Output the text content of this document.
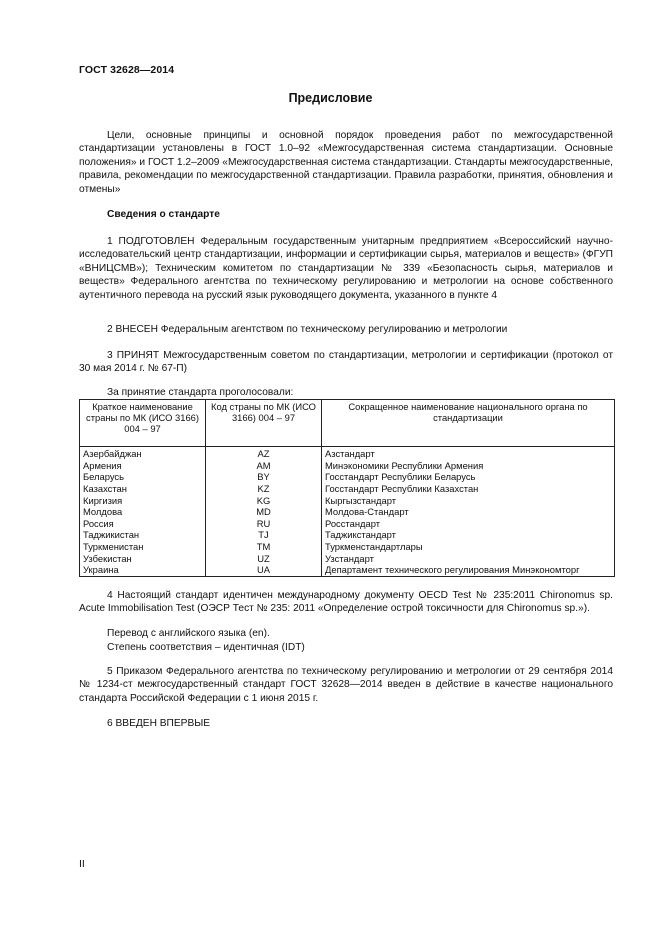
ГОСТ 32628—2014
Предисловие
Цели, основные принципы и основной порядок проведения работ по межгосударственной стандартизации установлены в ГОСТ 1.0–92 «Межгосударственная система стандартизации. Основные положения» и ГОСТ 1.2–2009 «Межгосударственная система стандартизации. Стандарты межгосударственные, правила, рекомендации по межгосударственной стандартизации. Правила разработки, принятия, обновления и отмены»
Сведения о стандарте
1 ПОДГОТОВЛЕН Федеральным государственным унитарным предприятием «Всероссийский научно-исследовательский центр стандартизации, информации и сертификации сырья, материалов и веществ» (ФГУП «ВНИЦСМВ»); Техническим комитетом по стандартизации № 339 «Безопасность сырья, материалов и веществ» Федерального агентства по техническому регулированию и метрологии на основе собственного аутентичного перевода на русский язык руководящего документа, указанного в пункте 4
2 ВНЕСЕН Федеральным агентством по техническому регулированию и метрологии
3 ПРИНЯТ Межгосударственным советом по стандартизации, метрологии и сертификации (протокол от 30 мая 2014 г. № 67-П)
За принятие стандарта проголосовали:
Краткое наименование страны по МК (ИСО 3166) 004 – 97	Код страны по МК (ИСО 3166) 004 – 97	Сокращенное наименование национального органа по стандартизации
Азербайджан	AZ	Азстандарт
Армения	AM	Минэкономики Республики Армения
Беларусь	BY	Госстандарт Республики Беларусь
Казахстан	KZ	Госстандарт Республики Казахстан
Киргизия	KG	Кыргызстандарт
Молдова	MD	Молдова-Стандарт
Россия	RU	Росстандарт
Таджикистан	TJ	Таджикстандарт
Туркменистан	TM	Туркменстандартлары
Узбекистан	UZ	Узстандарт
Украина	UA	Департамент технического регулирования Минэкономторг
4 Настоящий стандарт идентичен международному документу OECD Test № 235:2011 Chironomus sp. Acute Immobilisation Test (ОЭСР Тест № 235: 2011 «Определение острой токсичности для Chironomus sp.»).
Перевод с английского языка (en).
Степень соответствия – идентичная (IDT)
5 Приказом Федерального агентства по техническому регулированию и метрологии от 29 сентября 2014 № 1234-ст межгосударственный стандарт ГОСТ 32628—2014 введен в действие в качестве национального стандарта Российской Федерации с 1 июня 2015 г.
6 ВВЕДЕН ВПЕРВЫЕ
II
